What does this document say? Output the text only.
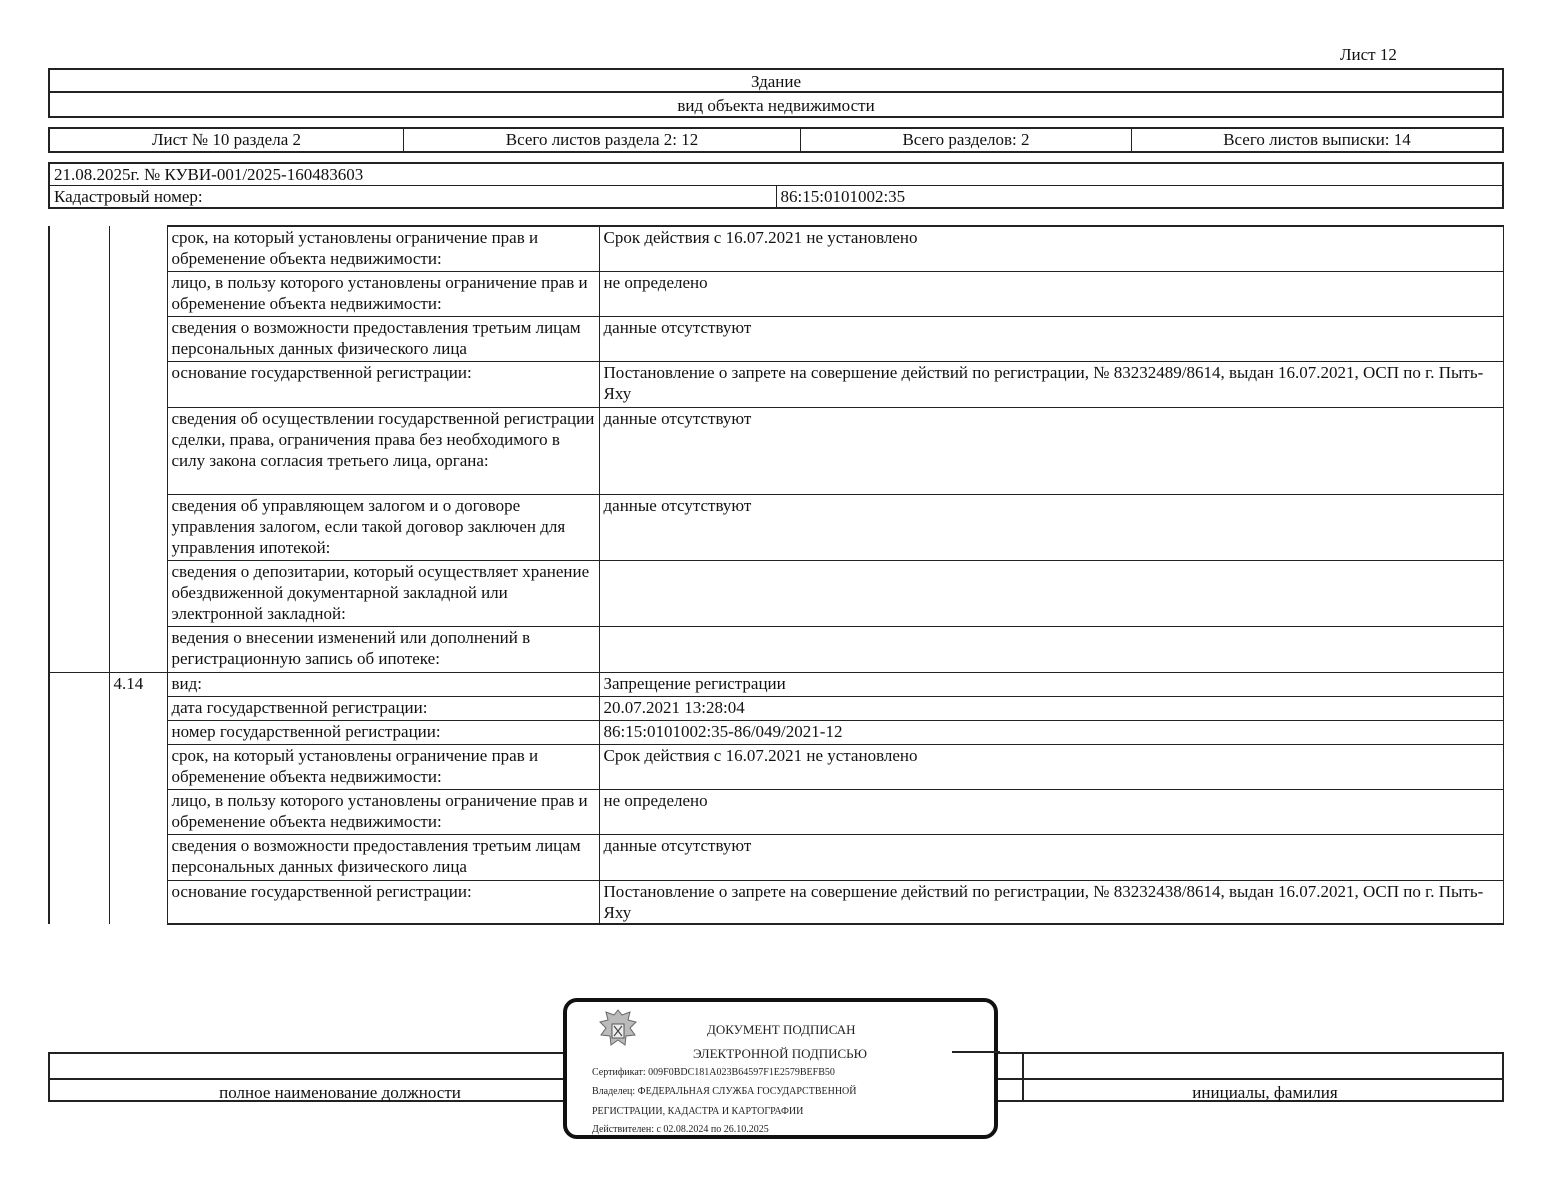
Лист 12
Здание
вид объекта недвижимости
Лист № 10 раздела 2	Всего листов раздела 2: 12	Всего разделов: 2	Всего листов выписки: 14
21.08.2025г. № КУВИ-001/2025-160483603
Кадастровый номер:	86:15:0101002:35
		срок, на который установлены ограничение прав и обременение объекта недвижимости:	Срок действия с 16.07.2021 не установлено
		лицо, в пользу которого установлены ограничение прав и обременение объекта недвижимости:	не определено
		сведения о возможности предоставления третьим лицам персональных данных физического лица	данные отсутствуют
		основание государственной регистрации:	Постановление о запрете на совершение действий по регистрации, № 83232489/8614, выдан 16.07.2021, ОСП по г. Пыть-Яху
		сведения об осуществлении государственной регистрации сделки, права, ограничения права без необходимого в силу закона согласия третьего лица, органа:	данные отсутствуют
		сведения об управляющем залогом и о договоре управления залогом, если такой договор заключен для управления ипотекой:	данные отсутствуют
		сведения о депозитарии, который осуществляет хранение обездвиженной документарной закладной или электронной закладной:	
		ведения о внесении изменений или дополнений в регистрационную запись об ипотеке:	
	4.14	вид:	Запрещение регистрации
		дата государственной регистрации:	20.07.2021 13:28:04
		номер государственной регистрации:	86:15:0101002:35-86/049/2021-12
		срок, на который установлены ограничение прав и обременение объекта недвижимости:	Срок действия с 16.07.2021 не установлено
		лицо, в пользу которого установлены ограничение прав и обременение объекта недвижимости:	не определено
		сведения о возможности предоставления третьим лицам персональных данных физического лица	данные отсутствуют
		основание государственной регистрации:	Постановление о запрете на совершение действий по регистрации, № 83232438/8614, выдан 16.07.2021, ОСП по г. Пыть-Яху
полное наименование должности	инициалы, фамилия
ДОКУМЕНТ ПОДПИСАН
ЭЛЕКТРОННОЙ ПОДПИСЬЮ
Сертификат: 009F0BDC181A023B64597F1E2579BEFB50
Владелец: ФЕДЕРАЛЬНАЯ СЛУЖБА ГОСУДАРСТВЕННОЙ
РЕГИСТРАЦИИ, КАДАСТРА И КАРТОГРАФИИ
Действителен: с 02.08.2024 по 26.10.2025
